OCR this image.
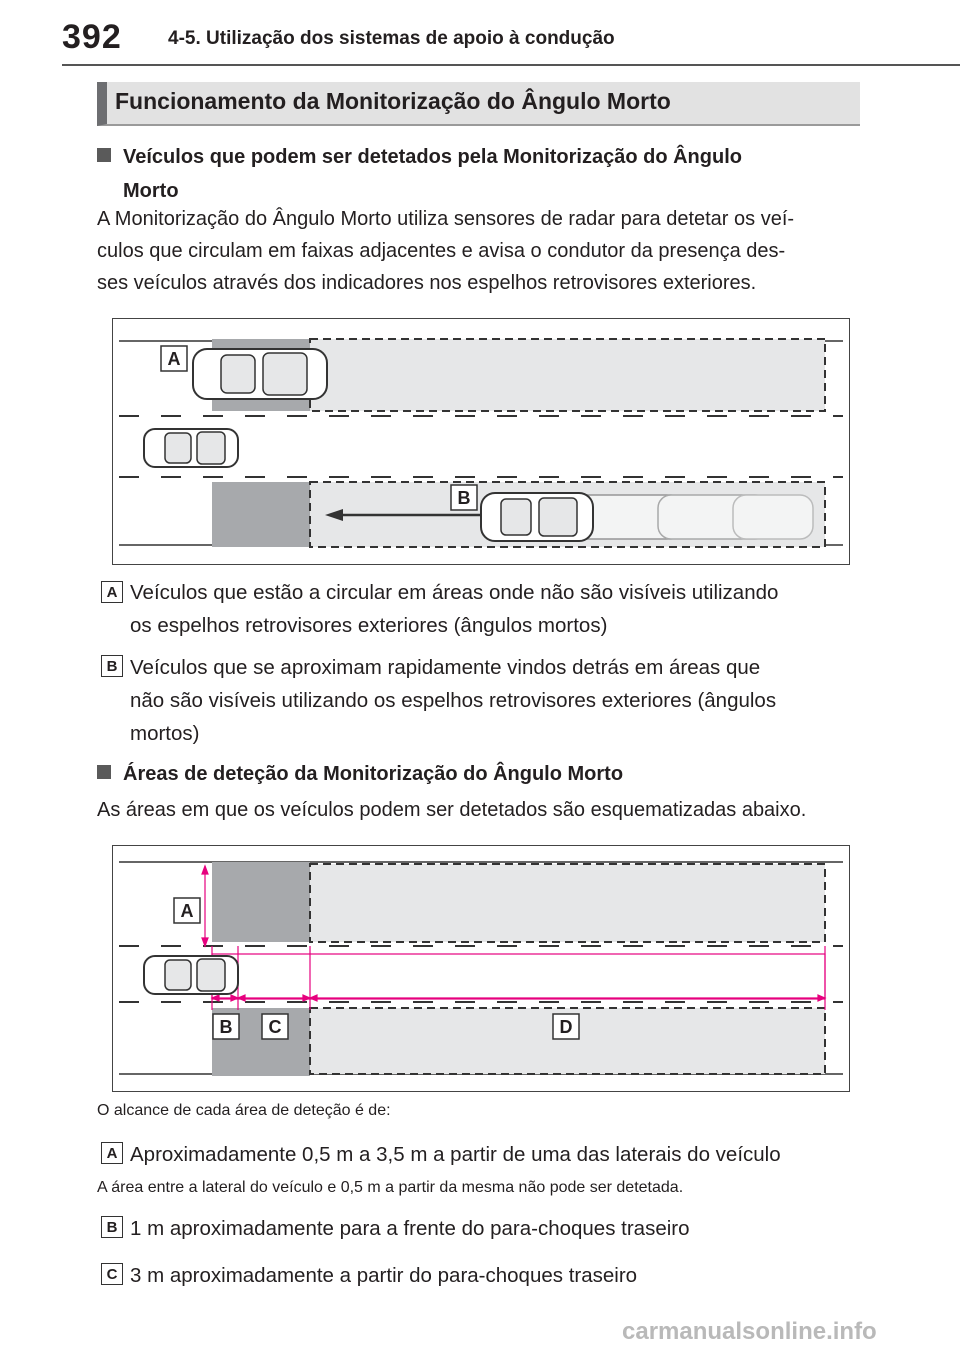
392 4-5. Utilização dos sistemas de apoio à condução
Funcionamento da Monitorização do Ângulo Morto
Veículos que podem ser detetados pela Monitorização do Ângulo
Morto
A Monitorização do Ângulo Morto utiliza sensores de radar para detetar os veí-
culos que circulam em faixas adjacentes e avisa o condutor da presença des-
ses veículos através dos indicadores nos espelhos retrovisores exteriores.
A
B
A Veículos que estão a circular em áreas onde não são visíveis utilizando
os espelhos retrovisores exteriores (ângulos mortos)
B Veículos que se aproximam rapidamente vindos detrás em áreas que
não são visíveis utilizando os espelhos retrovisores exteriores (ângulos
mortos)
Áreas de deteção da Monitorização do Ângulo Morto
As áreas em que os veículos podem ser detetados são esquematizadas abaixo.
A
B C	D
O alcance de cada área de deteção é de:
A Aproximadamente 0,5 m a 3,5 m a partir de uma das laterais do veículo
A área entre a lateral do veículo e 0,5 m a partir da mesma não pode ser detetada.
B 1 m aproximadamente para a frente do para-choques traseiro
C 3 m aproximadamente a partir do para-choques traseiro
carmanualsonline.info
